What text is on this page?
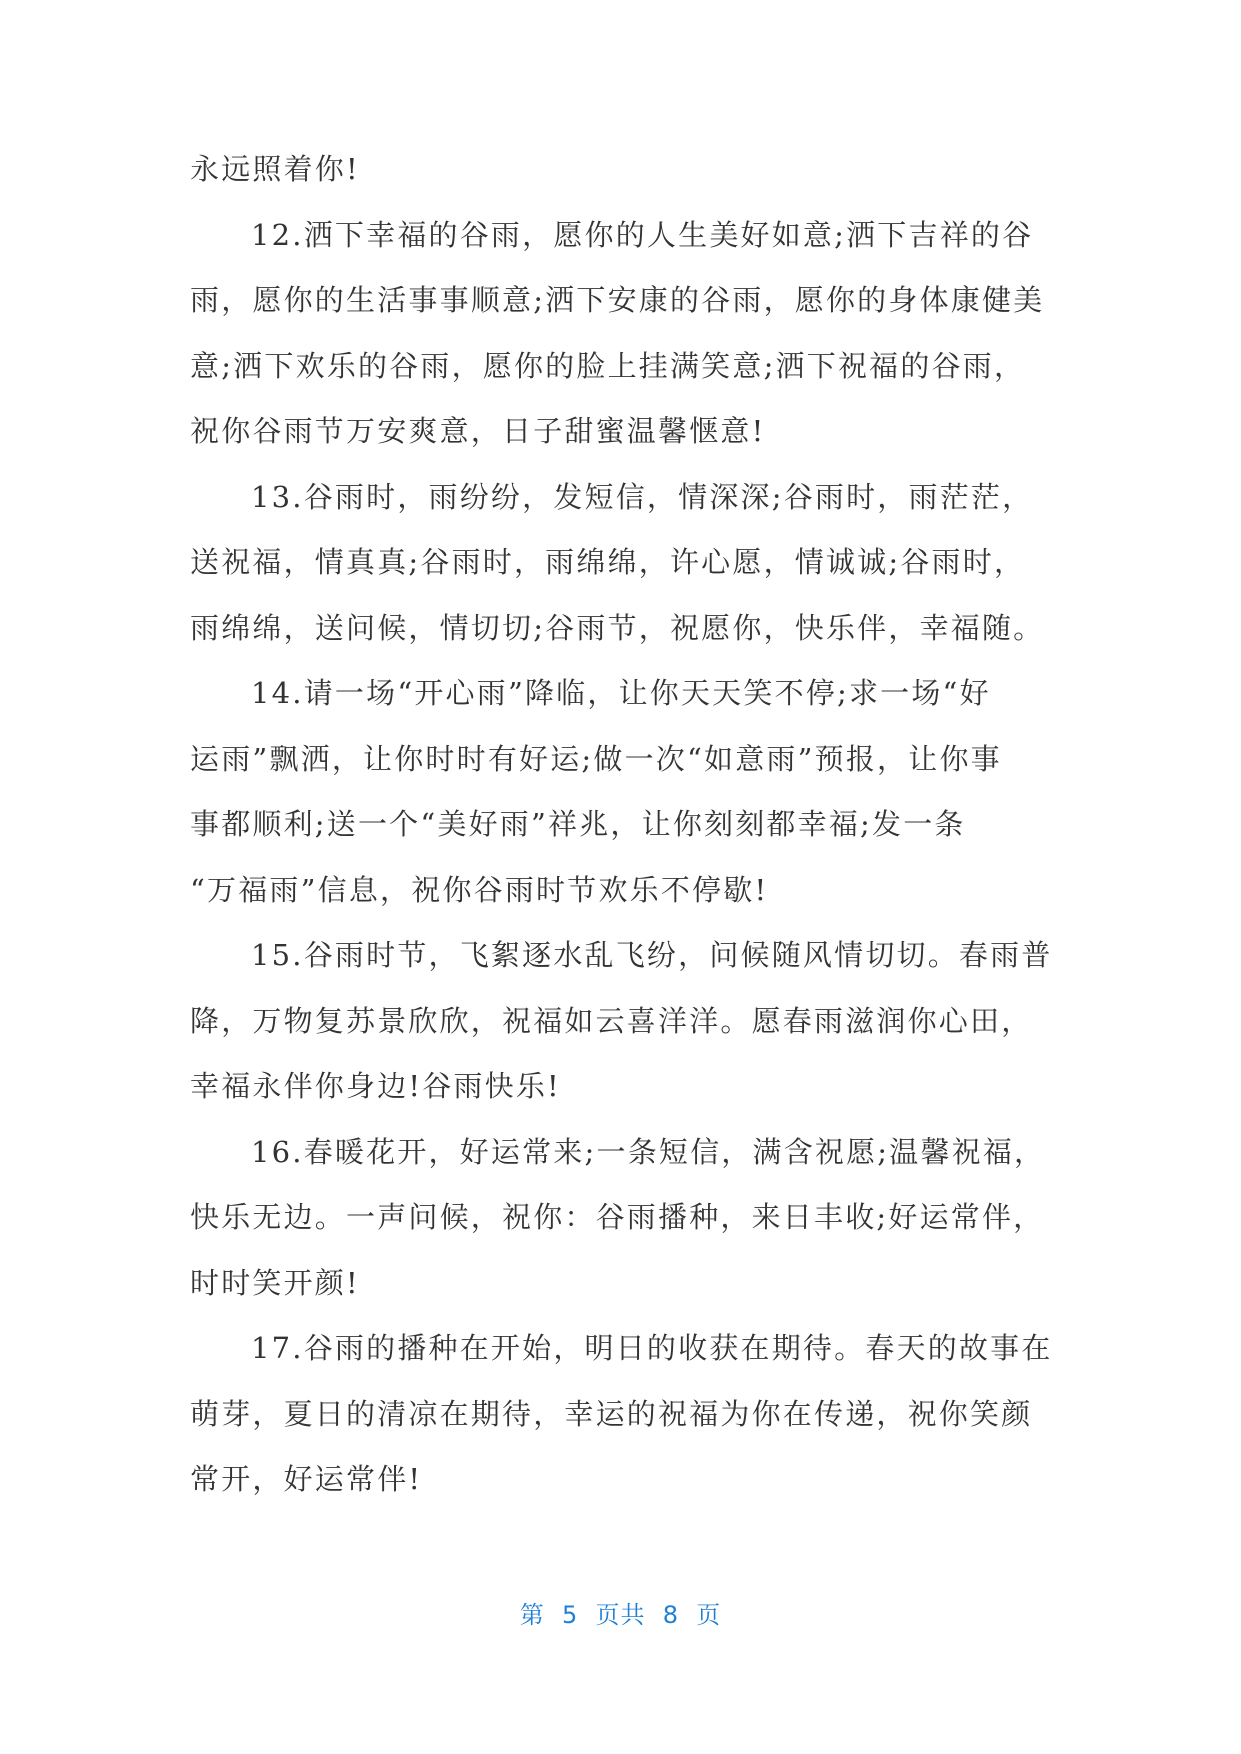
永远照着你!
12.洒下幸福的谷雨，愿你的人生美好如意;洒下吉祥的谷
雨，愿你的生活事事顺意;洒下安康的谷雨，愿你的身体康健美
意;洒下欢乐的谷雨，愿你的脸上挂满笑意;洒下祝福的谷雨，
祝你谷雨节万安爽意，日子甜蜜温馨惬意!
13.谷雨时，雨纷纷，发短信，情深深;谷雨时，雨茫茫，
送祝福，情真真;谷雨时，雨绵绵，许心愿，情诚诚;谷雨时，
雨绵绵，送问候，情切切;谷雨节，祝愿你，快乐伴，幸福随。
14.请一场“开心雨”降临，让你天天笑不停;求一场“好
运雨”飘洒，让你时时有好运;做一次“如意雨”预报，让你事
事都顺利;送一个“美好雨”祥兆，让你刻刻都幸福;发一条
“万福雨”信息，祝你谷雨时节欢乐不停歇!
15.谷雨时节，飞絮逐水乱飞纷，问候随风情切切。春雨普
降，万物复苏景欣欣，祝福如云喜洋洋。愿春雨滋润你心田，
幸福永伴你身边!谷雨快乐!
16.春暖花开，好运常来;一条短信，满含祝愿;温馨祝福，
快乐无边。一声问候，祝你：谷雨播种，来日丰收;好运常伴，
时时笑开颜!
17.谷雨的播种在开始，明日的收获在期待。春天的故事在
萌芽，夏日的清凉在期待，幸运的祝福为你在传递，祝你笑颜
常开，好运常伴!
第  5  页共  8  页
